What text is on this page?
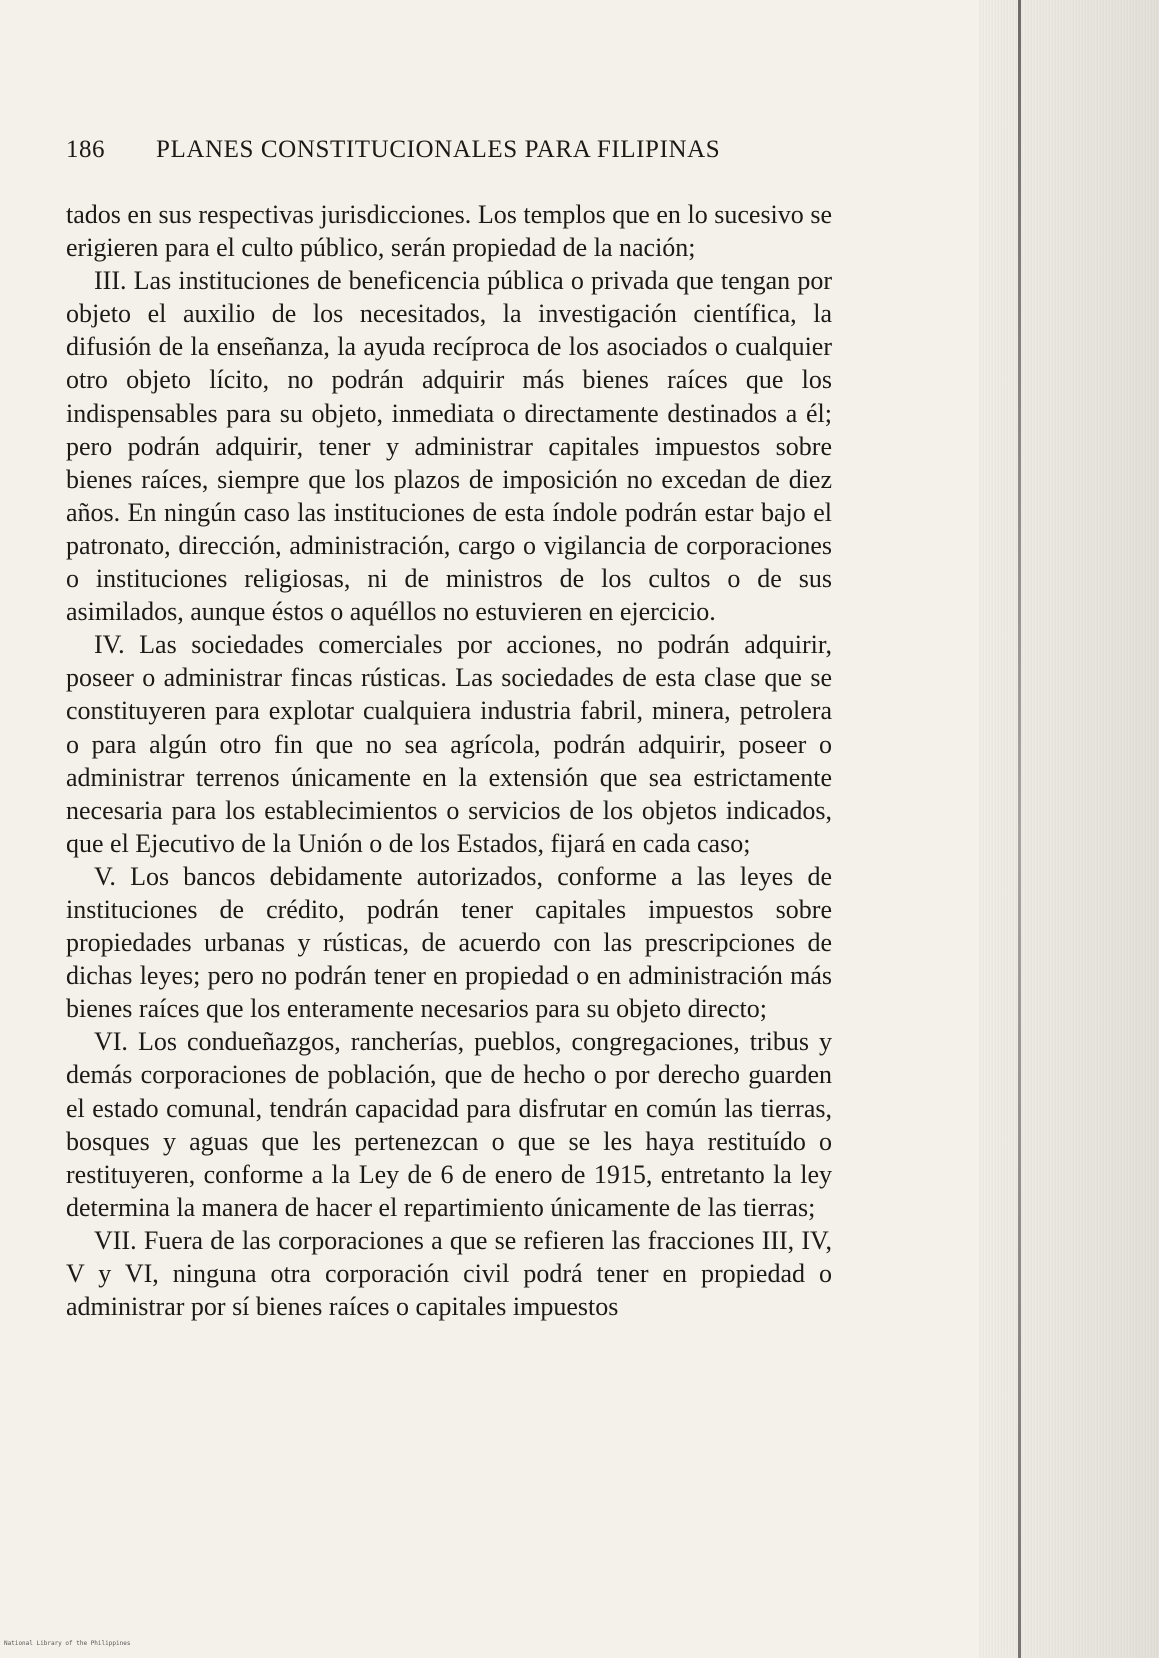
186	PLANES CONSTITUCIONALES PARA FILIPINAS

tados en sus respectivas jurisdicciones. Los templos que en lo sucesivo se erigieren para el culto público, serán propiedad de la nación;

III. Las instituciones de beneficencia pública o privada que tengan por objeto el auxilio de los necesitados, la investigación científica, la difusión de la enseñanza, la ayuda recíproca de los asociados o cualquier otro objeto lícito, no podrán adquirir más bienes raíces que los indispensables para su objeto, inmediata o directamente destinados a él; pero podrán adquirir, tener y administrar capitales impuestos sobre bienes raíces, siempre que los plazos de imposición no excedan de diez años. En ningún caso las instituciones de esta índole podrán estar bajo el patronato, dirección, administración, cargo o vigilancia de corporaciones o instituciones religiosas, ni de ministros de los cultos o de sus asimilados, aunque éstos o aquéllos no estuvieren en ejercicio.

IV. Las sociedades comerciales por acciones, no podrán adquirir, poseer o administrar fincas rústicas. Las sociedades de esta clase que se constituyeren para explotar cualquiera industria fabril, minera, petrolera o para algún otro fin que no sea agrícola, podrán adquirir, poseer o administrar terrenos únicamente en la extensión que sea estrictamente necesaria para los establecimientos o servicios de los objetos indicados, que el Ejecutivo de la Unión o de los Estados, fijará en cada caso;

V. Los bancos debidamente autorizados, conforme a las leyes de instituciones de crédito, podrán tener capitales impuestos sobre propiedades urbanas y rústicas, de acuerdo con las prescripciones de dichas leyes; pero no podrán tener en propiedad o en administración más bienes raíces que los enteramente necesarios para su objeto directo;

VI. Los condueñazgos, rancherías, pueblos, congregaciones, tribus y demás corporaciones de población, que de hecho o por derecho guarden el estado comunal, tendrán capacidad para disfrutar en común las tierras, bosques y aguas que les pertenezcan o que se les haya restituído o restituyeren, conforme a la Ley de 6 de enero de 1915, entretanto la ley determina la manera de hacer el repartimiento únicamente de las tierras;

VII. Fuera de las corporaciones a que se refieren las fracciones III, IV, V y VI, ninguna otra corporación civil podrá tener en propiedad o administrar por sí bienes raíces o capitales impuestos

National Library of the Philippines
